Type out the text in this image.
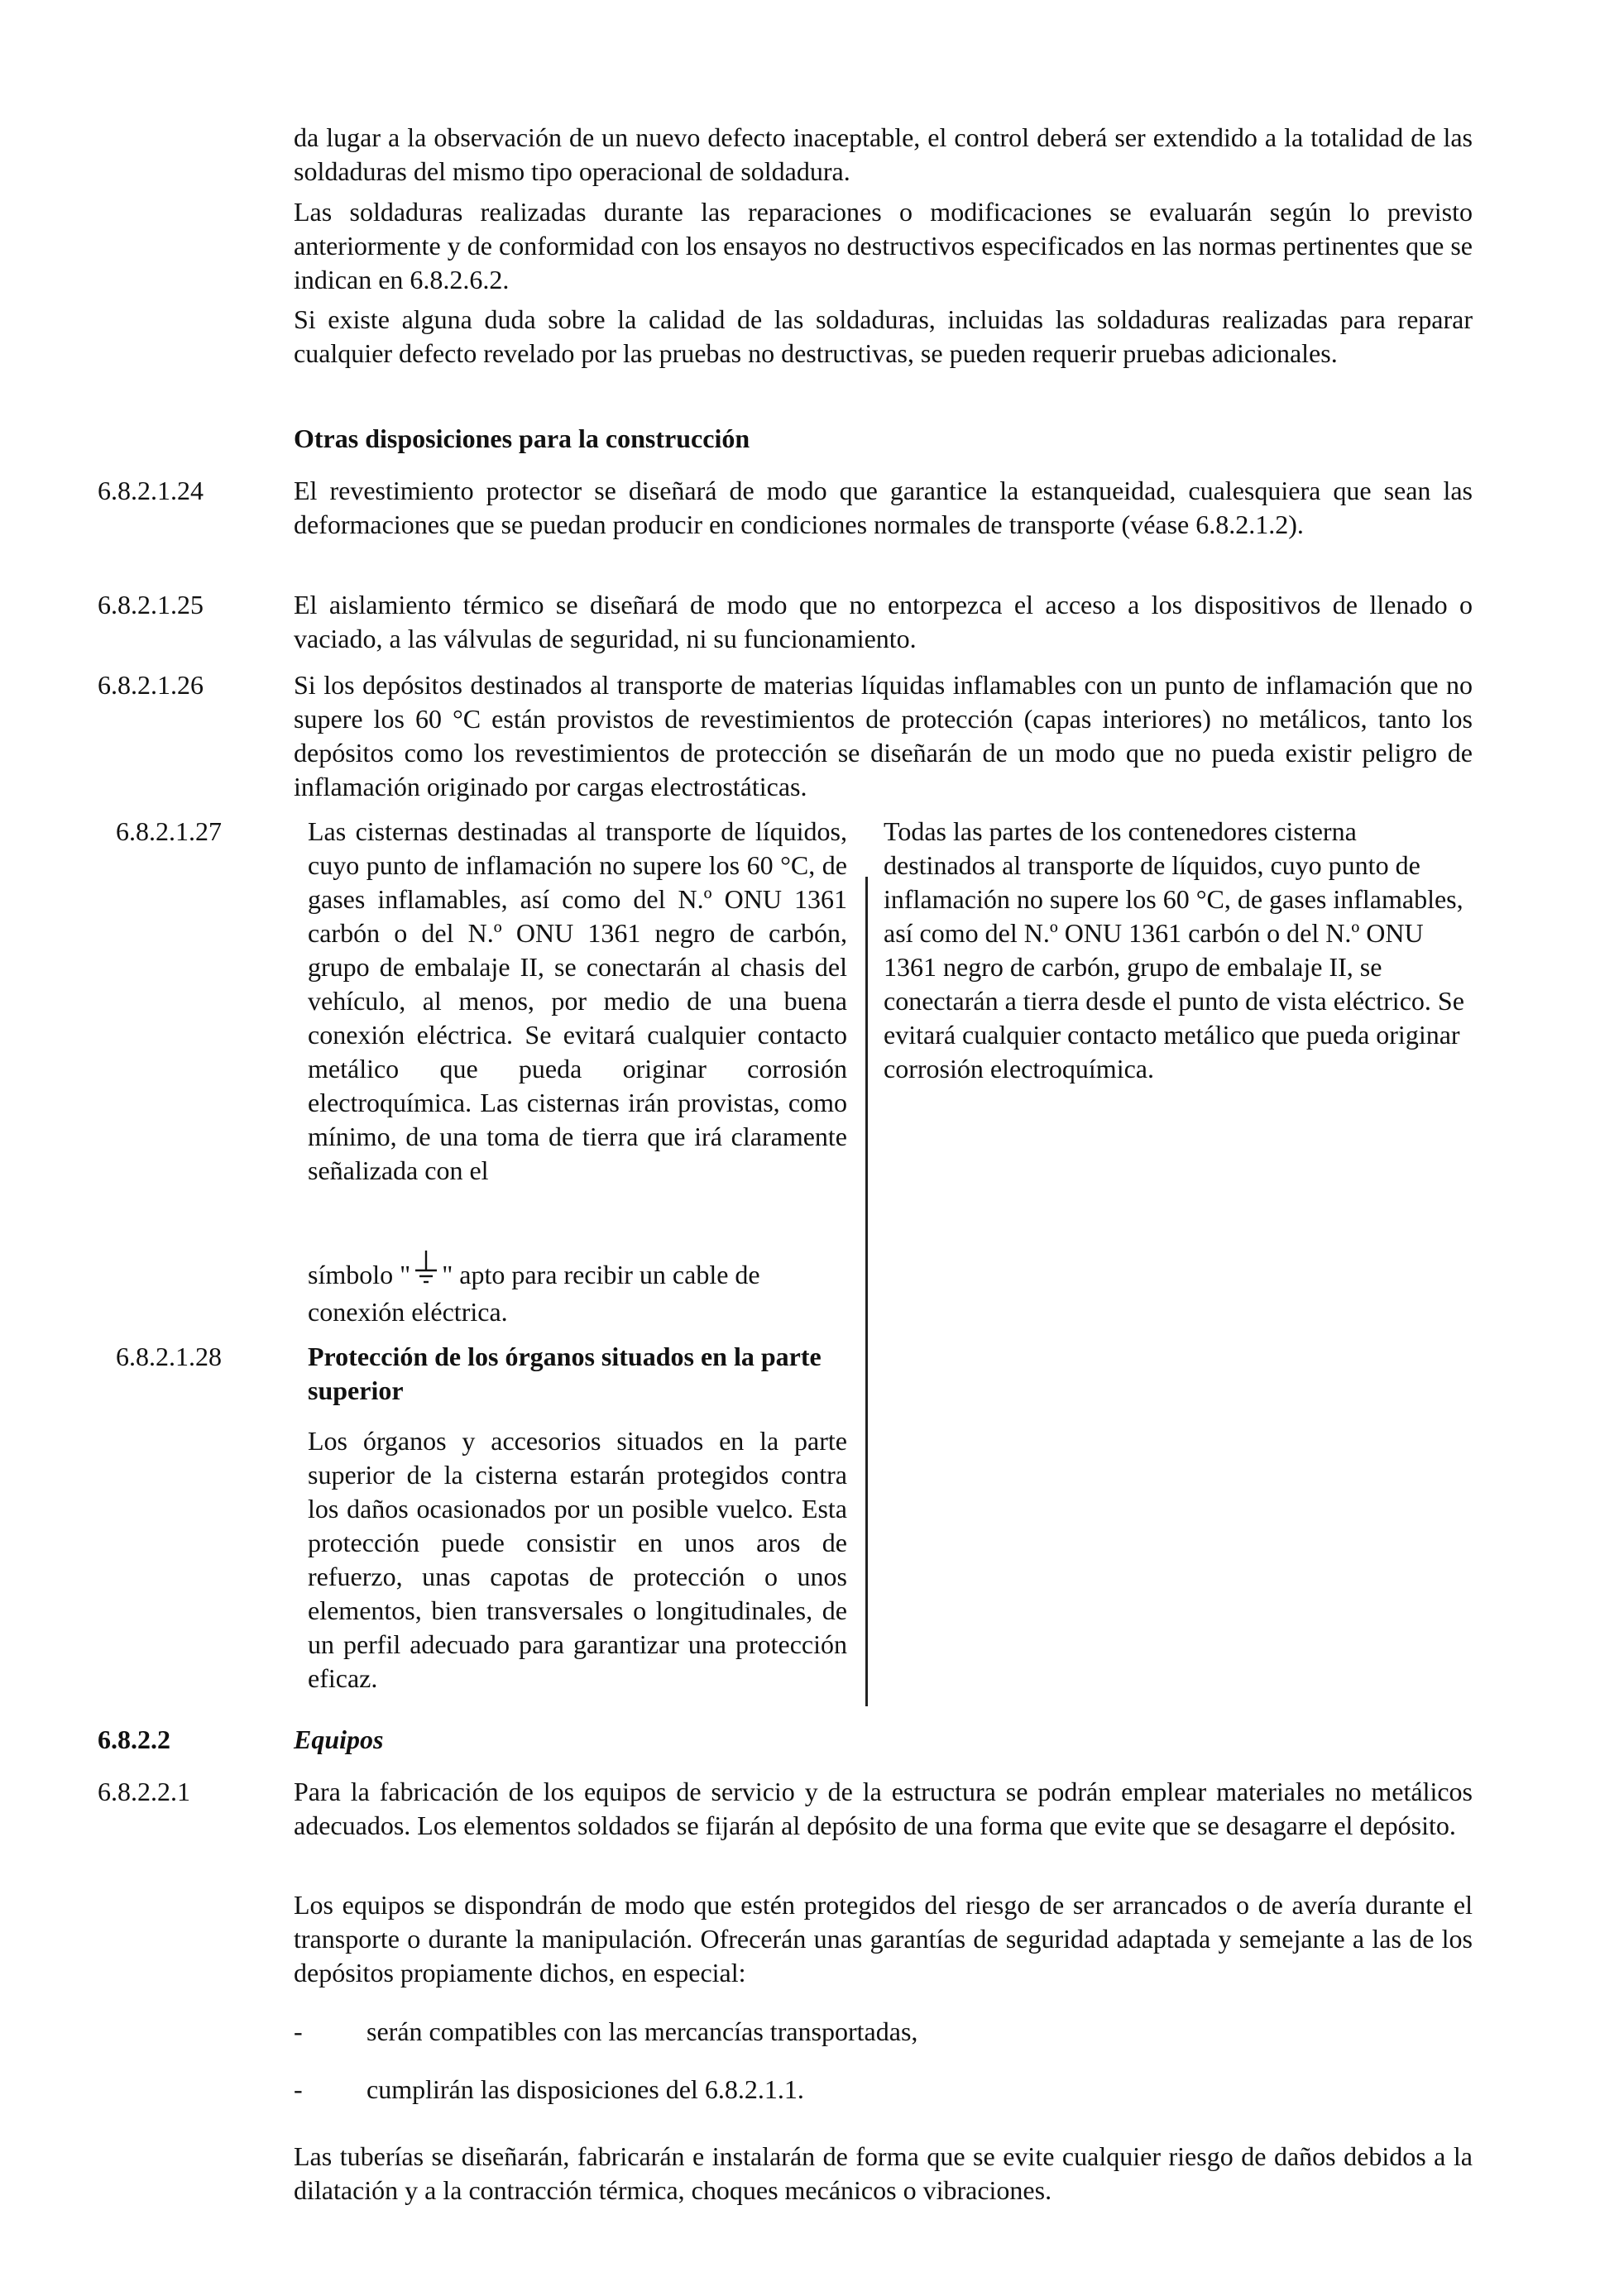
da lugar a la observación de un nuevo defecto inaceptable, el control deberá ser extendido a la totalidad de las soldaduras del mismo tipo operacional de soldadura.

Las soldaduras realizadas durante las reparaciones o modificaciones se evaluarán según lo previsto anteriormente y de conformidad con los ensayos no destructivos especificados en las normas pertinentes que se indican en 6.8.2.6.2.

Si existe alguna duda sobre la calidad de las soldaduras, incluidas las soldaduras realizadas para reparar cualquier defecto revelado por las pruebas no destructivas, se pueden requerir pruebas adicionales.

Otras disposiciones para la construcción

6.8.2.1.24	El revestimiento protector se diseñará de modo que garantice la estanqueidad, cualesquiera que sean las deformaciones que se puedan producir en condiciones normales de transporte (véase 6.8.2.1.2).

6.8.2.1.25	El aislamiento térmico se diseñará de modo que no entorpezca el acceso a los dispositivos de llenado o vaciado, a las válvulas de seguridad, ni su funcionamiento.

6.8.2.1.26	Si los depósitos destinados al transporte de materias líquidas inflamables con un punto de inflamación que no supere los 60 °C están provistos de revestimientos de protección (capas interiores) no metálicos, tanto los depósitos como los revestimientos de protección se diseñarán de un modo que no pueda existir peligro de inflamación originado por cargas electrostáticas.

6.8.2.1.27	Las cisternas destinadas al transporte de líquidos, cuyo punto de inflamación no supere los 60 °C, de gases inflamables, así como del N.º ONU 1361 carbón o del N.º ONU 1361 negro de carbón, grupo de embalaje II, se conectarán al chasis del vehículo, al menos, por medio de una buena conexión eléctrica. Se evitará cualquier contacto metálico que pueda originar corrosión electroquímica. Las cisternas irán provistas, como mínimo, de una toma de tierra que irá claramente señalizada con el

símbolo " " apto para recibir un cable de conexión eléctrica.

Todas las partes de los contenedores cisterna destinados al transporte de líquidos, cuyo punto de inflamación no supere los 60 °C, de gases inflamables, así como del N.º ONU 1361 carbón o del N.º ONU 1361 negro de carbón, grupo de embalaje II, se conectarán a tierra desde el punto de vista eléctrico. Se evitará cualquier contacto metálico que pueda originar corrosión electroquímica.

6.8.2.1.28	Protección de los órganos situados en la parte superior

Los órganos y accesorios situados en la parte superior de la cisterna estarán protegidos contra los daños ocasionados por un posible vuelco. Esta protección puede consistir en unos aros de refuerzo, unas capotas de protección o unos elementos, bien transversales o longitudinales, de un perfil adecuado para garantizar una protección eficaz.

6.8.2.2	Equipos

6.8.2.2.1	Para la fabricación de los equipos de servicio y de la estructura se podrán emplear materiales no metálicos adecuados. Los elementos soldados se fijarán al depósito de una forma que evite que se desagarre el depósito.

Los equipos se dispondrán de modo que estén protegidos del riesgo de ser arrancados o de avería durante el transporte o durante la manipulación. Ofrecerán unas garantías de seguridad adaptada y semejante a las de los depósitos propiamente dichos, en especial:

- serán compatibles con las mercancías transportadas,

- cumplirán las disposiciones del 6.8.2.1.1.

Las tuberías se diseñarán, fabricarán e instalarán de forma que se evite cualquier riesgo de daños debidos a la dilatación y a la contracción térmica, choques mecánicos o vibraciones.
